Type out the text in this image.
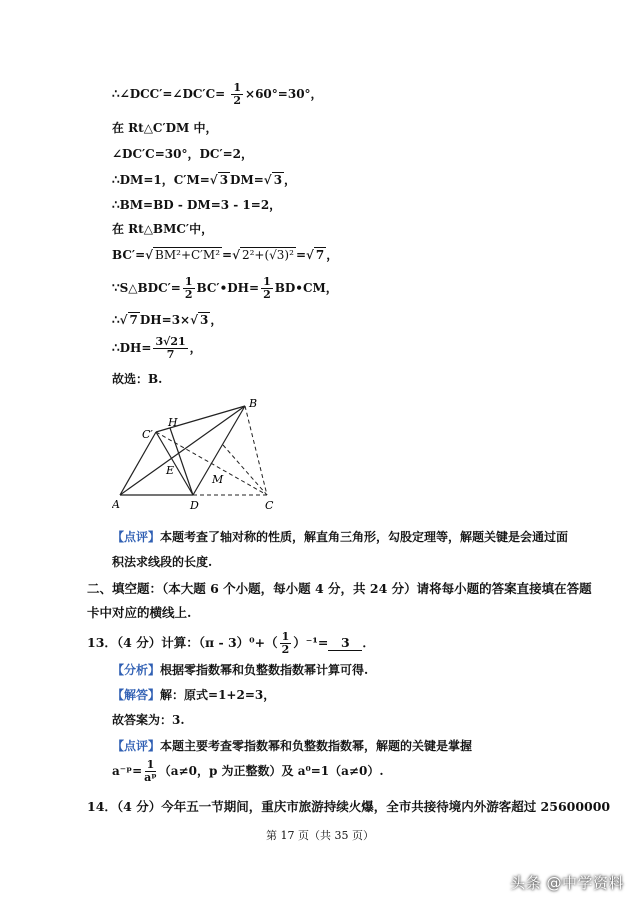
∴∠DCC′=∠DC′C= $\frac{1}{2} \times 60^\circ=30^\circ$，
在 Rt△C′DM 中，
∠DC′C=30°，DC′=2，
∴DM=1，C′M=√ 3 DM=√ 3 ，
∴BM=BD - DM=3 - 1=2，
在 Rt△BMC′中，
BC′=√ BM²+C′M² =√ 2²+(√3)² =√ 7 ，
∵S△BDC′= $\frac{1}{2}$ BC′•DH= $\frac{1}{2}$ BD•CM，
∴√ 7 DH=3×√ 3 ，
∴DH= $\frac{3√21}{7}$ ，
故选：B.
B
C′
H
E
M
A	D	C
【点评】本题考查了轴对称的性质，解直角三角形，勾股定理等，解题关键是会通过面
积法求线段的长度.
二、填空题：（本大题 6 个小题，每小题 4 分，共 24 分）请将每小题的答案直接填在答题
卡中对应的横线上.
13．（4 分）计算：$(\pi - 3)^0+( \frac{1}{2} )^{-1}= 3$ ．
【分析】根据零指数幂和负整数指数幂计算可得.
【解答】解：原式=1+2=3，
故答案为：3.
【点评】本题主要考查零指数幂和负整数指数幂，解题的关键是掌握
a⁻ᵖ= $\frac{1}{\text{aᵖ}} (a\ne 0$，p 为正整数）及 a⁰=1（a≠0）.
14．（4 分）今年五一节期间，重庆市旅游持续火爆，全市共接待境内外游客超过 25600000
第 17 页（共 35 页）
头条 @中学资料
